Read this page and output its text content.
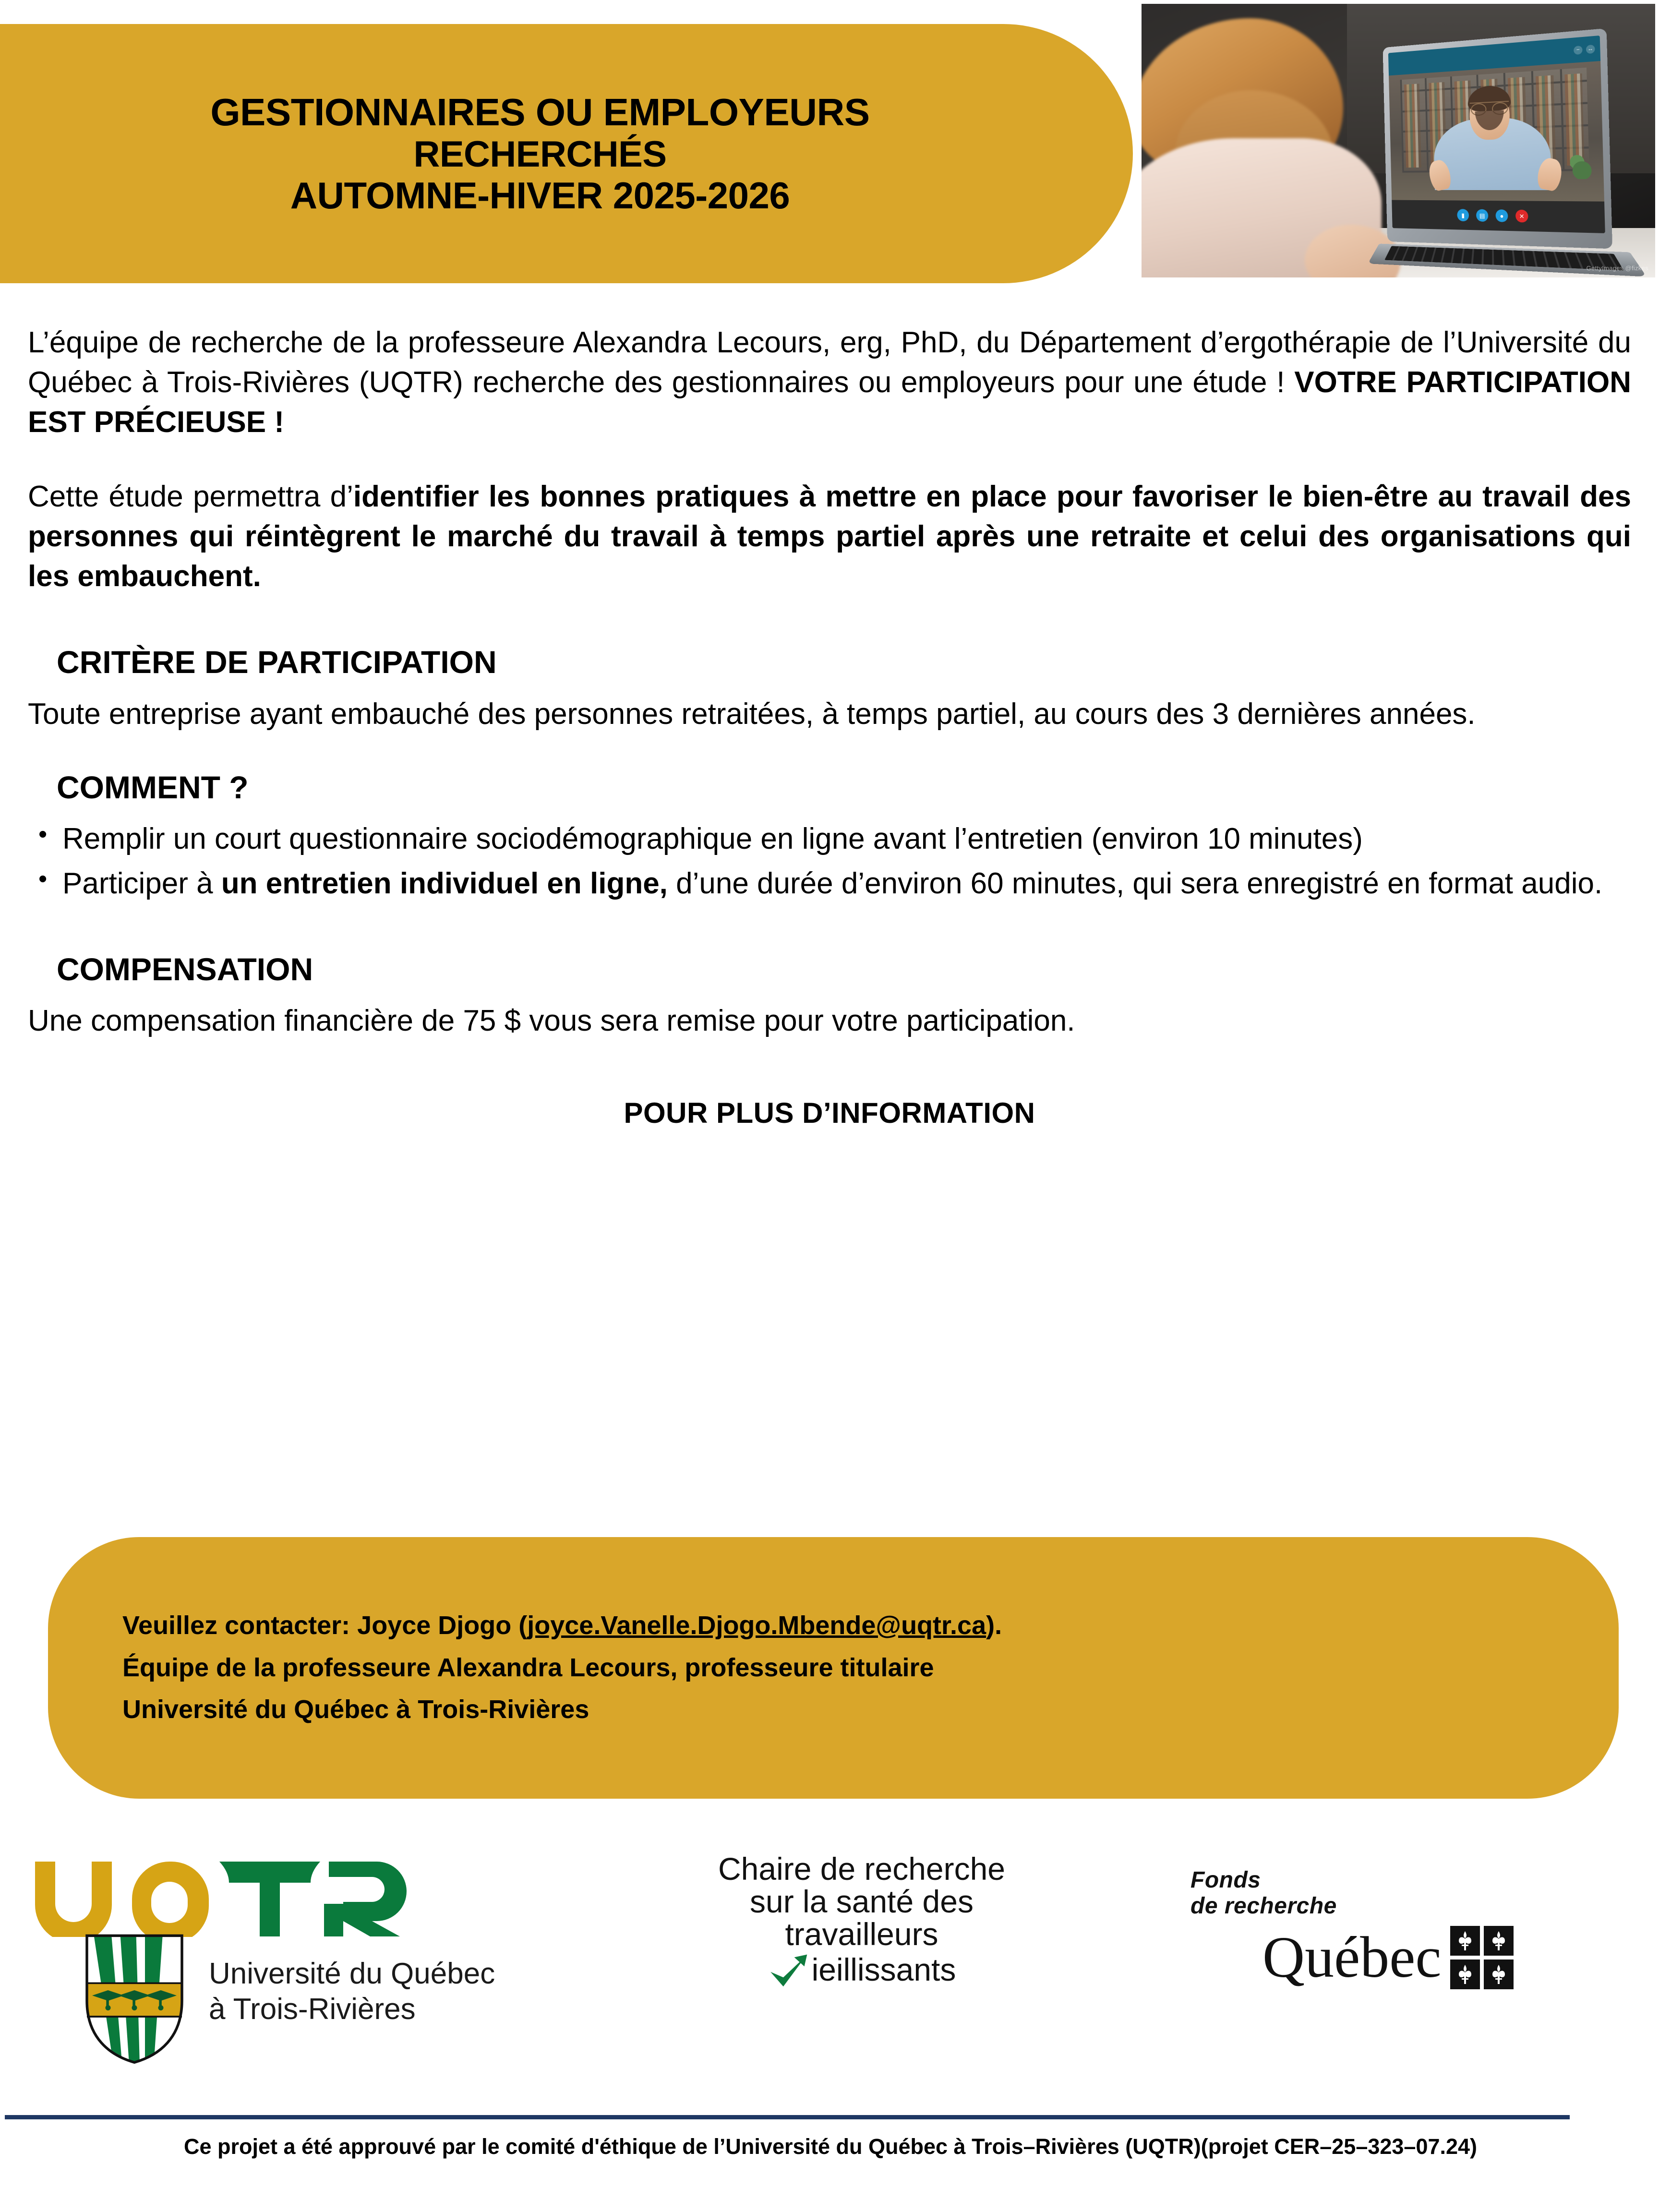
GESTIONNAIRES OU EMPLOYEURS
RECHERCHÉS
AUTOMNE-HIVER 2025-2026
−	↔
▮	▤	●	✕
GettyImages @fizkes

L’équipe de recherche de la professeure Alexandra Lecours, erg, PhD, du Département d’ergothérapie de l’Université du Québec à Trois-Rivières (UQTR) recherche des gestionnaires ou employeurs pour une étude ! VOTRE PARTICIPATION EST PRÉCIEUSE !

Cette étude permettra d’identifier les bonnes pratiques à mettre en place pour favoriser le bien-être au travail des personnes qui réintègrent le marché du travail à temps partiel après une retraite et celui des organisations qui les embauchent.

CRITÈRE DE PARTICIPATION

Toute entreprise ayant embauché des personnes retraitées, à temps partiel, au cours des 3 dernières années.

COMMENT ?
• Remplir un court questionnaire sociodémographique en ligne avant l’entretien (environ 10 minutes)
• Participer à un entretien individuel en ligne, d’une durée d’environ 60 minutes, qui sera enregistré en format audio.
COMPENSATION

Une compensation financière de 75 $ vous sera remise pour votre participation.

POUR PLUS D’INFORMATION
Veuillez contacter: Joyce Djogo (joyce.Vanelle.Djogo.Mbende@uqtr.ca).
Équipe de la professeure Alexandra Lecours, professeure titulaire
Université du Québec à Trois-Rivières
Université du Québec
à Trois-Rivières
Chaire de recherche
sur la santé des
travailleurs
ieillissants
Fonds
de recherche
Québec
Ce projet a été approuvé par le comité d'éthique de l’Université du Québec à Trois–Rivières (UQTR)(projet CER–25–323–07.24)
